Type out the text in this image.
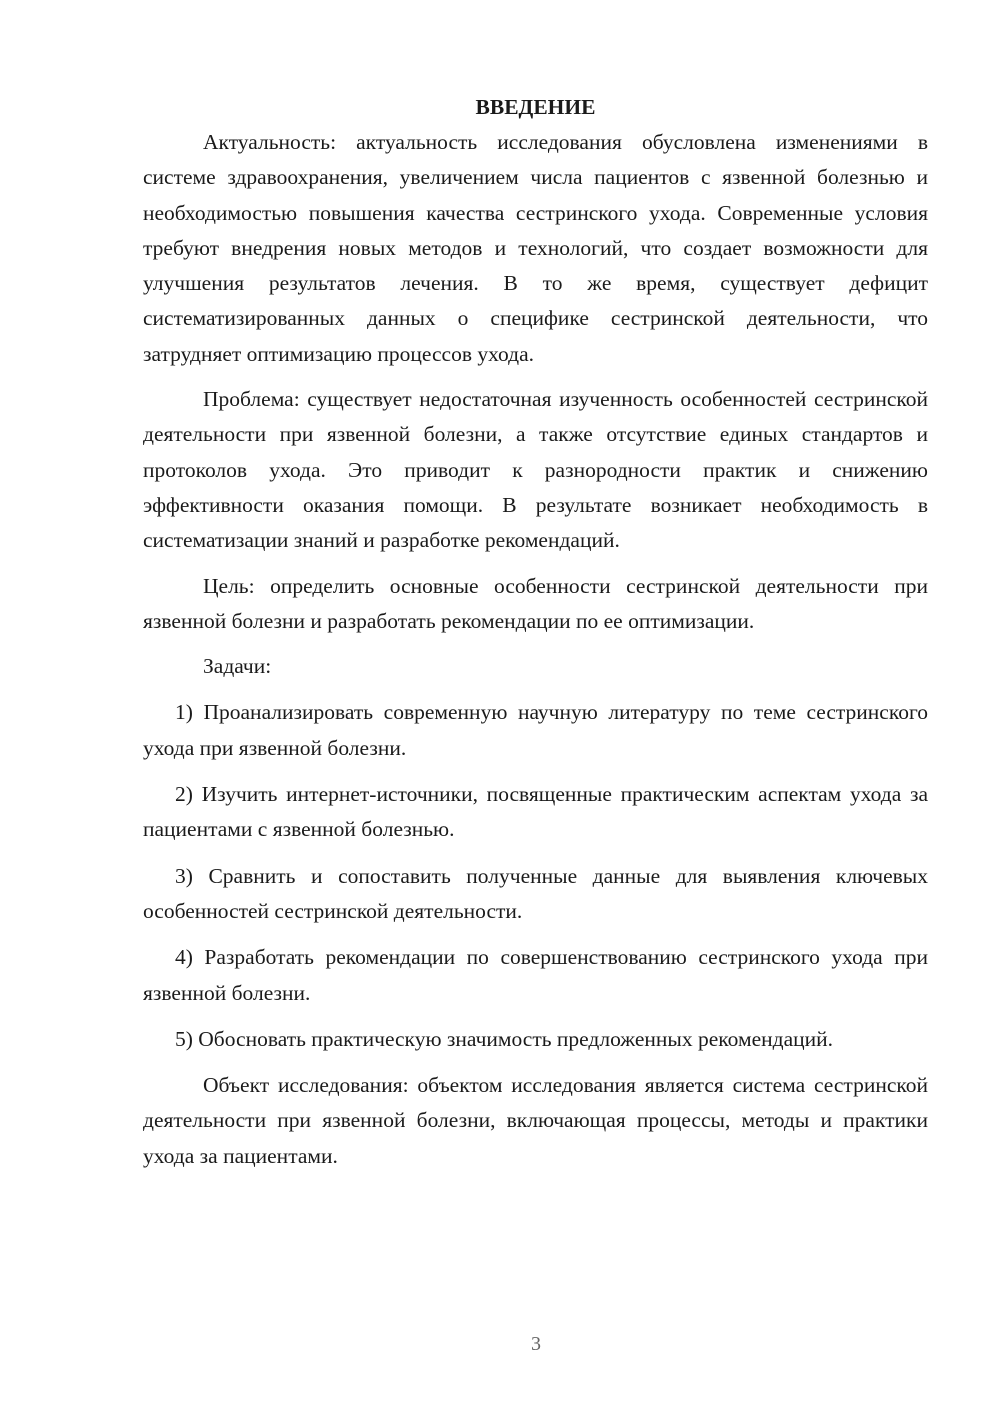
ВВЕДЕНИЕ

Актуальность: актуальность исследования обусловлена изменениями в системе здравоохранения, увеличением числа пациентов с язвенной болезнью и необходимостью повышения качества сестринского ухода. Современные условия требуют внедрения новых методов и технологий, что создает возможности для улучшения результатов лечения. В то же время, существует дефицит систематизированных данных о специфике сестринской деятельности, что затрудняет оптимизацию процессов ухода.

Проблема: существует недостаточная изученность особенностей сестринской деятельности при язвенной болезни, а также отсутствие единых стандартов и протоколов ухода. Это приводит к разнородности практик и снижению эффективности оказания помощи. В результате возникает необходимость в систематизации знаний и разработке рекомендаций.

Цель: определить основные особенности сестринской деятельности при язвенной болезни и разработать рекомендации по ее оптимизации.

Задачи:

1) Проанализировать современную научную литературу по теме сестринского ухода при язвенной болезни.

2) Изучить интернет-источники, посвященные практическим аспектам ухода за пациентами с язвенной болезнью.

3) Сравнить и сопоставить полученные данные для выявления ключевых особенностей сестринской деятельности.

4) Разработать рекомендации по совершенствованию сестринского ухода при язвенной болезни.

5) Обосновать практическую значимость предложенных рекомендаций.

Объект исследования: объектом исследования является система сестринской деятельности при язвенной болезни, включающая процессы, методы и практики ухода за пациентами.

3
